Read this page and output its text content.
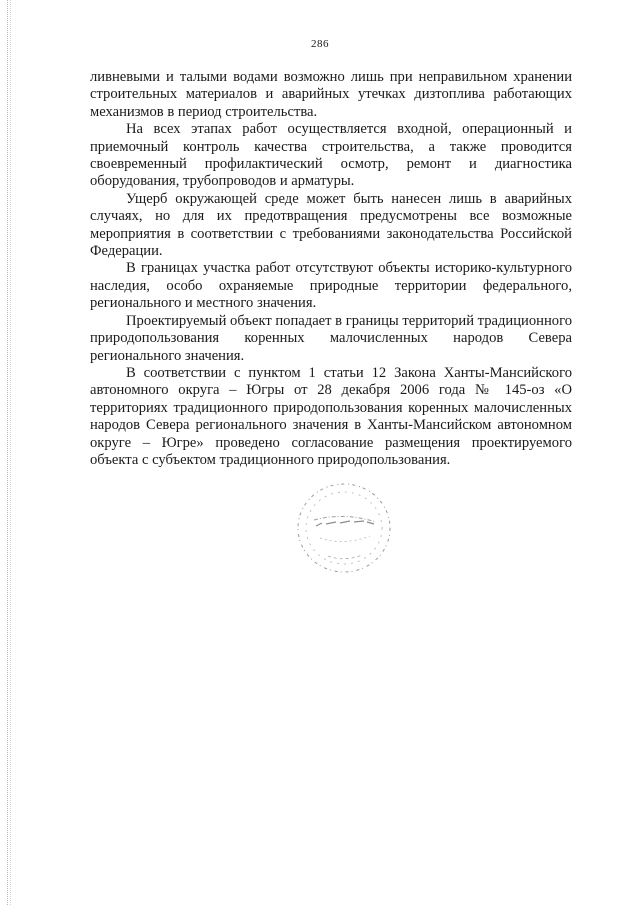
286

ливневыми и талыми водами возможно лишь при неправильном хранении строительных материалов и аварийных утечках дизтоплива работающих механизмов в период строительства.

На всех этапах работ осуществляется входной, операционный и приемочный контроль качества строительства, а также проводится своевременный профилактический осмотр, ремонт и диагностика оборудования, трубопроводов и арматуры.

Ущерб окружающей среде может быть нанесен лишь в аварийных случаях, но для их предотвращения предусмотрены все возможные мероприятия в соответствии с требованиями законодательства Российской Федерации.

В границах участка работ отсутствуют объекты историко-культурного наследия, особо охраняемые природные территории федерального, регионального и местного значения.

Проектируемый объект попадает в границы территорий традиционного природопользования коренных малочисленных народов Севера регионального значения.

В соответствии с пунктом 1 статьи 12 Закона Ханты-Мансийского автономного округа – Югры от 28 декабря 2006 года № 145-оз «О территориях традиционного природопользования коренных малочисленных народов Севера регионального значения в Ханты-Мансийском автономном округе – Югре» проведено согласование размещения проектируемого объекта с субъектом традиционного природопользования.
